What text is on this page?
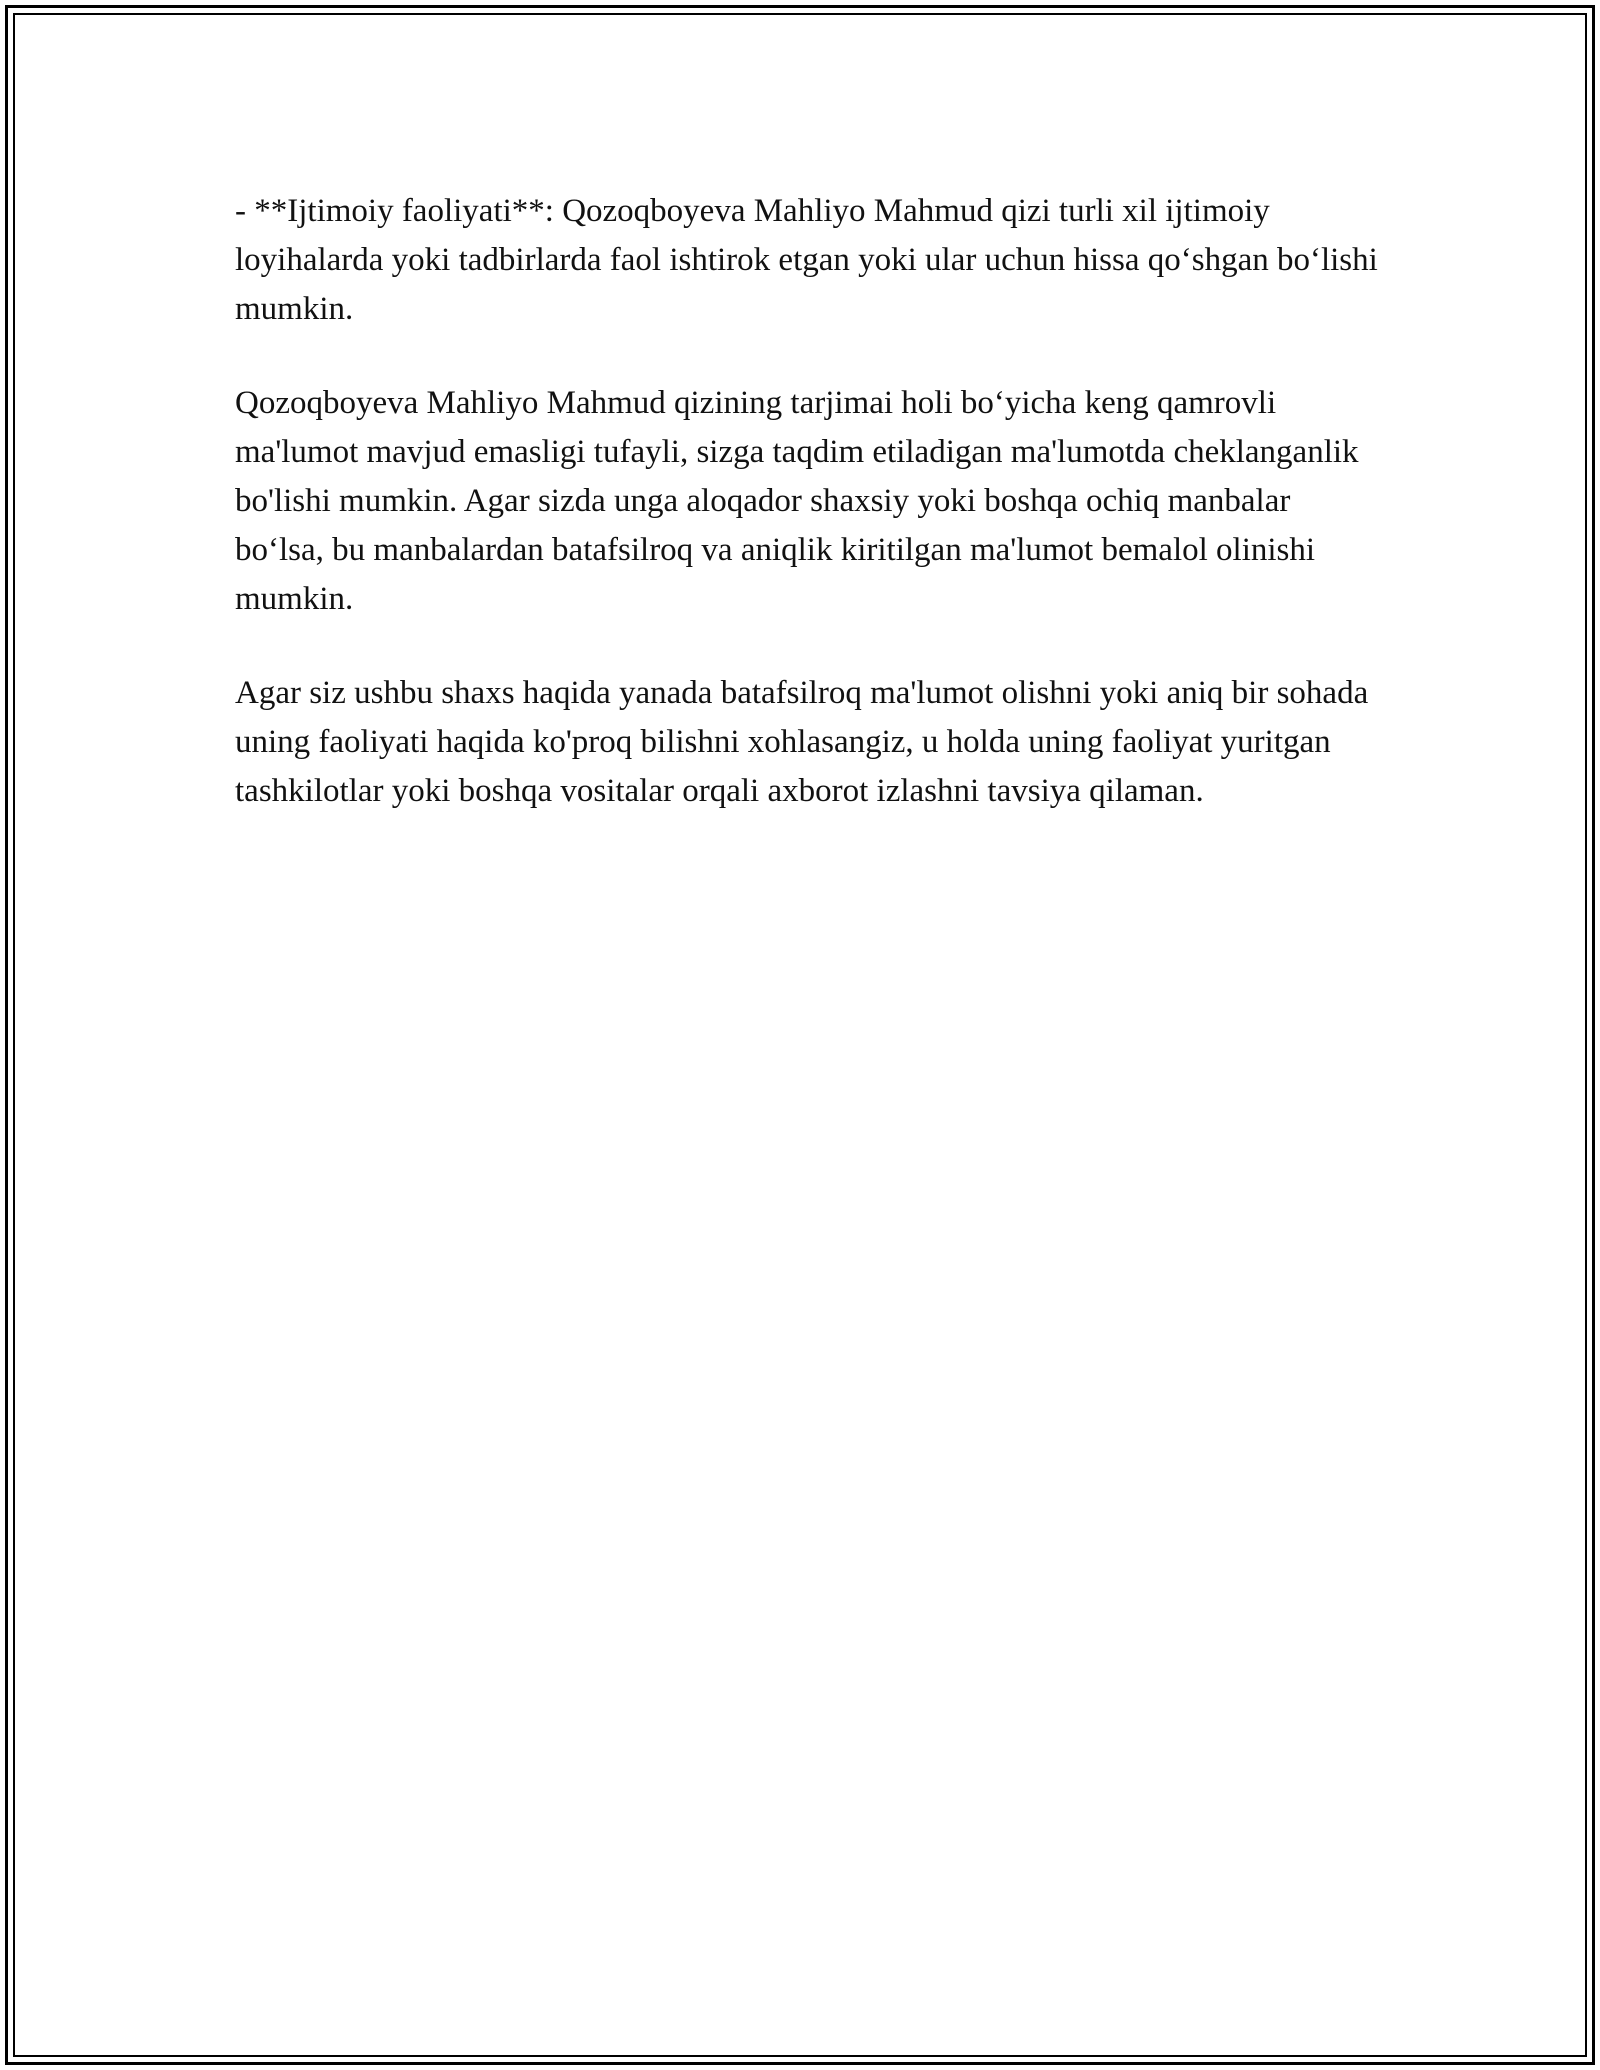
- **Ijtimoiy faoliyati**: Qozoqboyeva Mahliyo Mahmud qizi turli xil ijtimoiy loyihalarda yoki tadbirlarda faol ishtirok etgan yoki ular uchun hissa qo‘shgan bo‘lishi mumkin.

Qozoqboyeva Mahliyo Mahmud qizining tarjimai holi bo‘yicha keng qamrovli ma'lumot mavjud emasligi tufayli, sizga taqdim etiladigan ma'lumotda cheklanganlik bo'lishi mumkin. Agar sizda unga aloqador shaxsiy yoki boshqa ochiq manbalar bo‘lsa, bu manbalardan batafsilroq va aniqlik kiritilgan ma'lumot bemalol olinishi mumkin.

Agar siz ushbu shaxs haqida yanada batafsilroq ma'lumot olishni yoki aniq bir sohada uning faoliyati haqida ko'proq bilishni xohlasangiz, u holda uning faoliyat yuritgan tashkilotlar yoki boshqa vositalar orqali axborot izlashni tavsiya qilaman.
